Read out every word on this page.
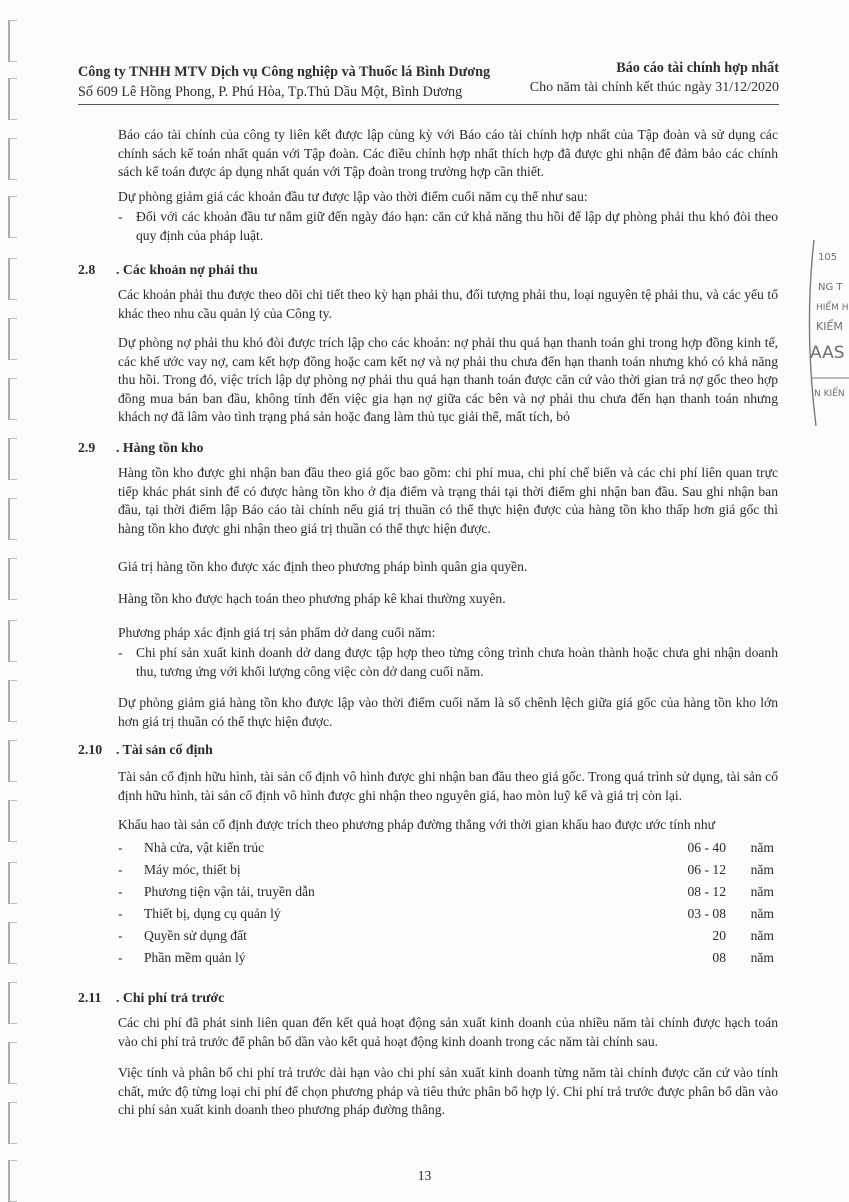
Công ty TNHH MTV Dịch vụ Công nghiệp và Thuốc lá Bình Dương
Số 609 Lê Hồng Phong, P. Phú Hòa, Tp.Thủ Dầu Một, Bình Dương
Báo cáo tài chính hợp nhất
Cho năm tài chính kết thúc ngày 31/12/2020
Báo cáo tài chính của công ty liên kết được lập cùng kỳ với Báo cáo tài chính hợp nhất của Tập đoàn và sử dụng các chính sách kế toán nhất quán với Tập đoàn. Các điều chỉnh hợp nhất thích hợp đã được ghi nhận để đảm bảo các chính sách kế toán được áp dụng nhất quán với Tập đoàn trong trường hợp cần thiết.
Dự phòng giảm giá các khoản đầu tư được lập vào thời điểm cuối năm cụ thể như sau:
- Đối với các khoản đầu tư nắm giữ đến ngày đáo hạn: căn cứ khả năng thu hồi để lập dự phòng phải thu khó đòi theo quy định của pháp luật.
2.8 . Các khoản nợ phải thu
Các khoản phải thu được theo dõi chi tiết theo kỳ hạn phải thu, đối tượng phải thu, loại nguyên tệ phải thu, và các yếu tố khác theo nhu cầu quản lý của Công ty.
Dự phòng nợ phải thu khó đòi được trích lập cho các khoản: nợ phải thu quá hạn thanh toán ghi trong hợp đồng kinh tế, các khế ước vay nợ, cam kết hợp đồng hoặc cam kết nợ và nợ phải thu chưa đến hạn thanh toán nhưng khó có khả năng thu hồi. Trong đó, việc trích lập dự phòng nợ phải thu quá hạn thanh toán được căn cứ vào thời gian trả nợ gốc theo hợp đồng mua bán ban đầu, không tính đến việc gia hạn nợ giữa các bên và nợ phải thu chưa đến hạn thanh toán nhưng khách nợ đã lâm vào tình trạng phá sản hoặc đang làm thủ tục giải thể, mất tích, bỏ
2.9 . Hàng tồn kho
Hàng tồn kho được ghi nhận ban đầu theo giá gốc bao gồm: chi phí mua, chi phí chế biến và các chi phí liên quan trực tiếp khác phát sinh để có được hàng tồn kho ở địa điểm và trạng thái tại thời điểm ghi nhận ban đầu. Sau ghi nhận ban đầu, tại thời điểm lập Báo cáo tài chính nếu giá trị thuần có thể thực hiện được của hàng tồn kho thấp hơn giá gốc thì hàng tồn kho được ghi nhận theo giá trị thuần có thể thực hiện được.
Giá trị hàng tồn kho được xác định theo phương pháp bình quân gia quyền.
Hàng tồn kho được hạch toán theo phương pháp kê khai thường xuyên.
Phương pháp xác định giá trị sản phẩm dở dang cuối năm:
- Chi phí sản xuất kinh doanh dở dang được tập hợp theo từng công trình chưa hoàn thành hoặc chưa ghi nhận doanh thu, tương ứng với khối lượng công việc còn dở dang cuối năm.
Dự phòng giảm giá hàng tồn kho được lập vào thời điểm cuối năm là số chênh lệch giữa giá gốc của hàng tồn kho lớn hơn giá trị thuần có thể thực hiện được.
2.10 . Tài sản cố định
Tài sản cố định hữu hình, tài sản cố định vô hình được ghi nhận ban đầu theo giá gốc. Trong quá trình sử dụng, tài sản cố định hữu hình, tài sản cố định vô hình được ghi nhận theo nguyên giá, hao mòn luỹ kế và giá trị còn lại.
Khấu hao tài sản cố định được trích theo phương pháp đường thẳng với thời gian khấu hao được ước tính như
- Nhà cửa, vật kiến trúc	06 - 40 năm
- Máy móc, thiết bị	06 - 12 năm
- Phương tiện vận tải, truyền dẫn	08 - 12 năm
- Thiết bị, dụng cụ quản lý	03 - 08 năm
- Quyền sử dụng đất	20 năm
- Phần mềm quản lý	08 năm
2.11 . Chi phí trả trước
Các chi phí đã phát sinh liên quan đến kết quả hoạt động sản xuất kinh doanh của nhiều năm tài chính được hạch toán vào chi phí trả trước để phân bổ dần vào kết quả hoạt động kinh doanh trong các năm tài chính sau.
Việc tính và phân bổ chi phí trả trước dài hạn vào chi phí sản xuất kinh doanh từng năm tài chính được căn cứ vào tính chất, mức độ từng loại chi phí để chọn phương pháp và tiêu thức phân bổ hợp lý. Chi phí trả trước được phân bổ dần vào chi phí sản xuất kinh doanh theo phương pháp đường thẳng.
13
105
NG T
HIỂM H
KIỂM
AAS
N KIỂN
